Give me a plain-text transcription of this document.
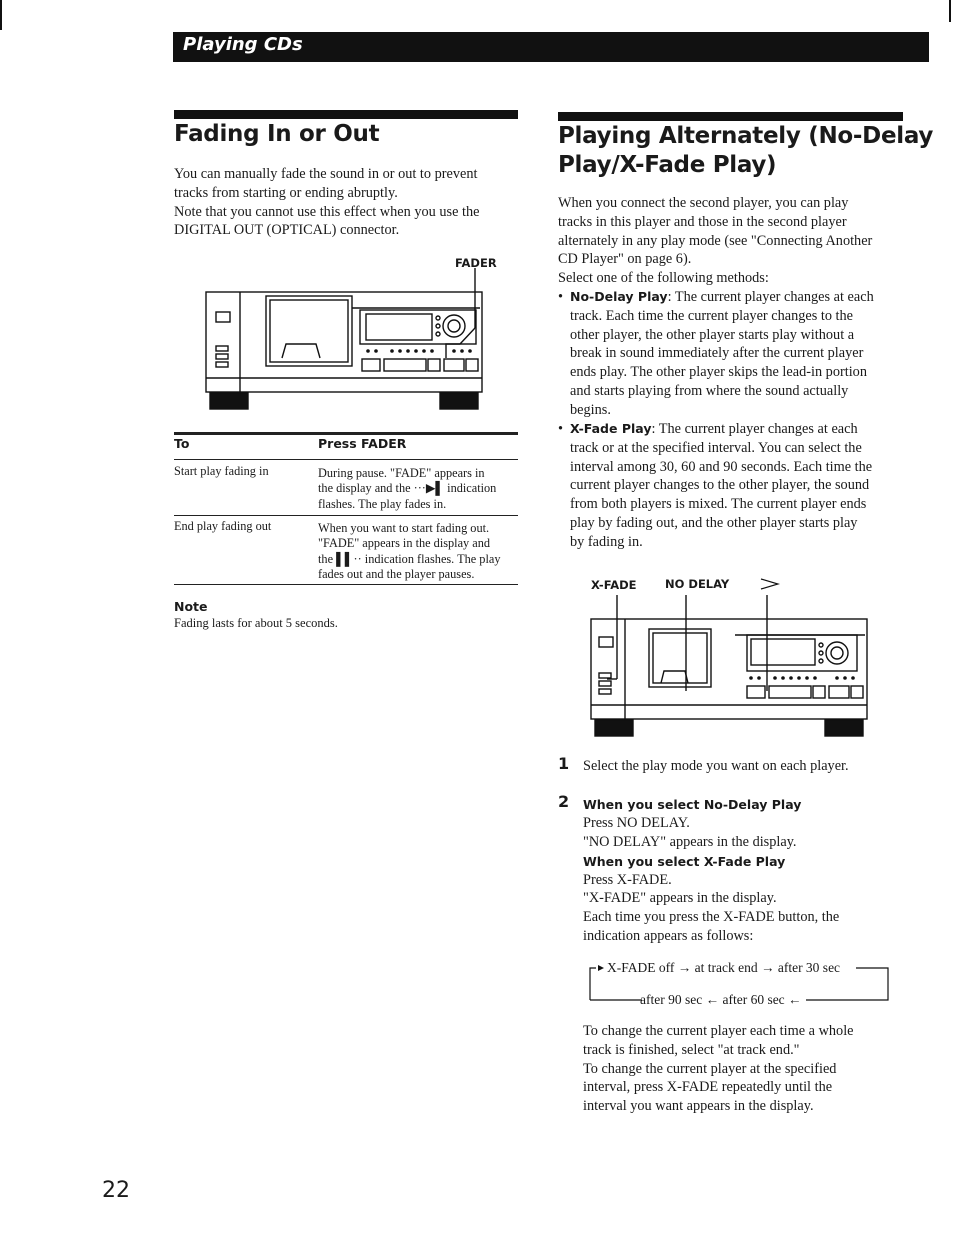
Playing CDs
Fading In or Out
You can manually fade the sound in or out to prevent
tracks from starting or ending abruptly.
Note that you cannot use this effect when you use the
DIGITAL OUT (OPTICAL) connector.
FADER
To	Press FADER
Start play fading in	During pause. "FADE" appears in
the display and the ···▶▌ indication
flashes. The play fades in.
End play fading out	When you want to start fading out.
"FADE" appears in the display and
the ▌▌·· indication flashes. The play
fades out and the player pauses.
Note
Fading lasts for about 5 seconds.
Playing Alternately (No-Delay
Play/X-Fade Play)
When you connect the second player, you can play
tracks in this player and those in the second player
alternately in any play mode (see "Connecting Another
CD Player" on page 6).
Select one of the following methods:
• No-Delay Play: The current player changes at each
track. Each time the current player changes to the
other player, the other player starts play without a
break in sound immediately after the current player
ends play. The other player skips the lead-in portion
and starts playing from where the sound actually
begins.
• X-Fade Play: The current player changes at each
track or at the specified interval. You can select the
interval among 30, 60 and 90 seconds. Each time the
current player changes to the other player, the sound
from both players is mixed. The current player ends
play by fading out, and the other player starts play
by fading in.
X-FADE NO DELAY
1 Select the play mode you want on each player.
2 When you select No-Delay Play
Press NO DELAY.
"NO DELAY" appears in the display.
When you select X-Fade Play
Press X-FADE.
"X-FADE" appears in the display.
Each time you press the X-FADE button, the
indication appears as follows:
X-FADE off → at track end → after 30 sec
after 90 sec ← after 60 sec ←
To change the current player each time a whole
track is finished, select "at track end."
To change the current player at the specified
interval, press X-FADE repeatedly until the
interval you want appears in the display.
22
